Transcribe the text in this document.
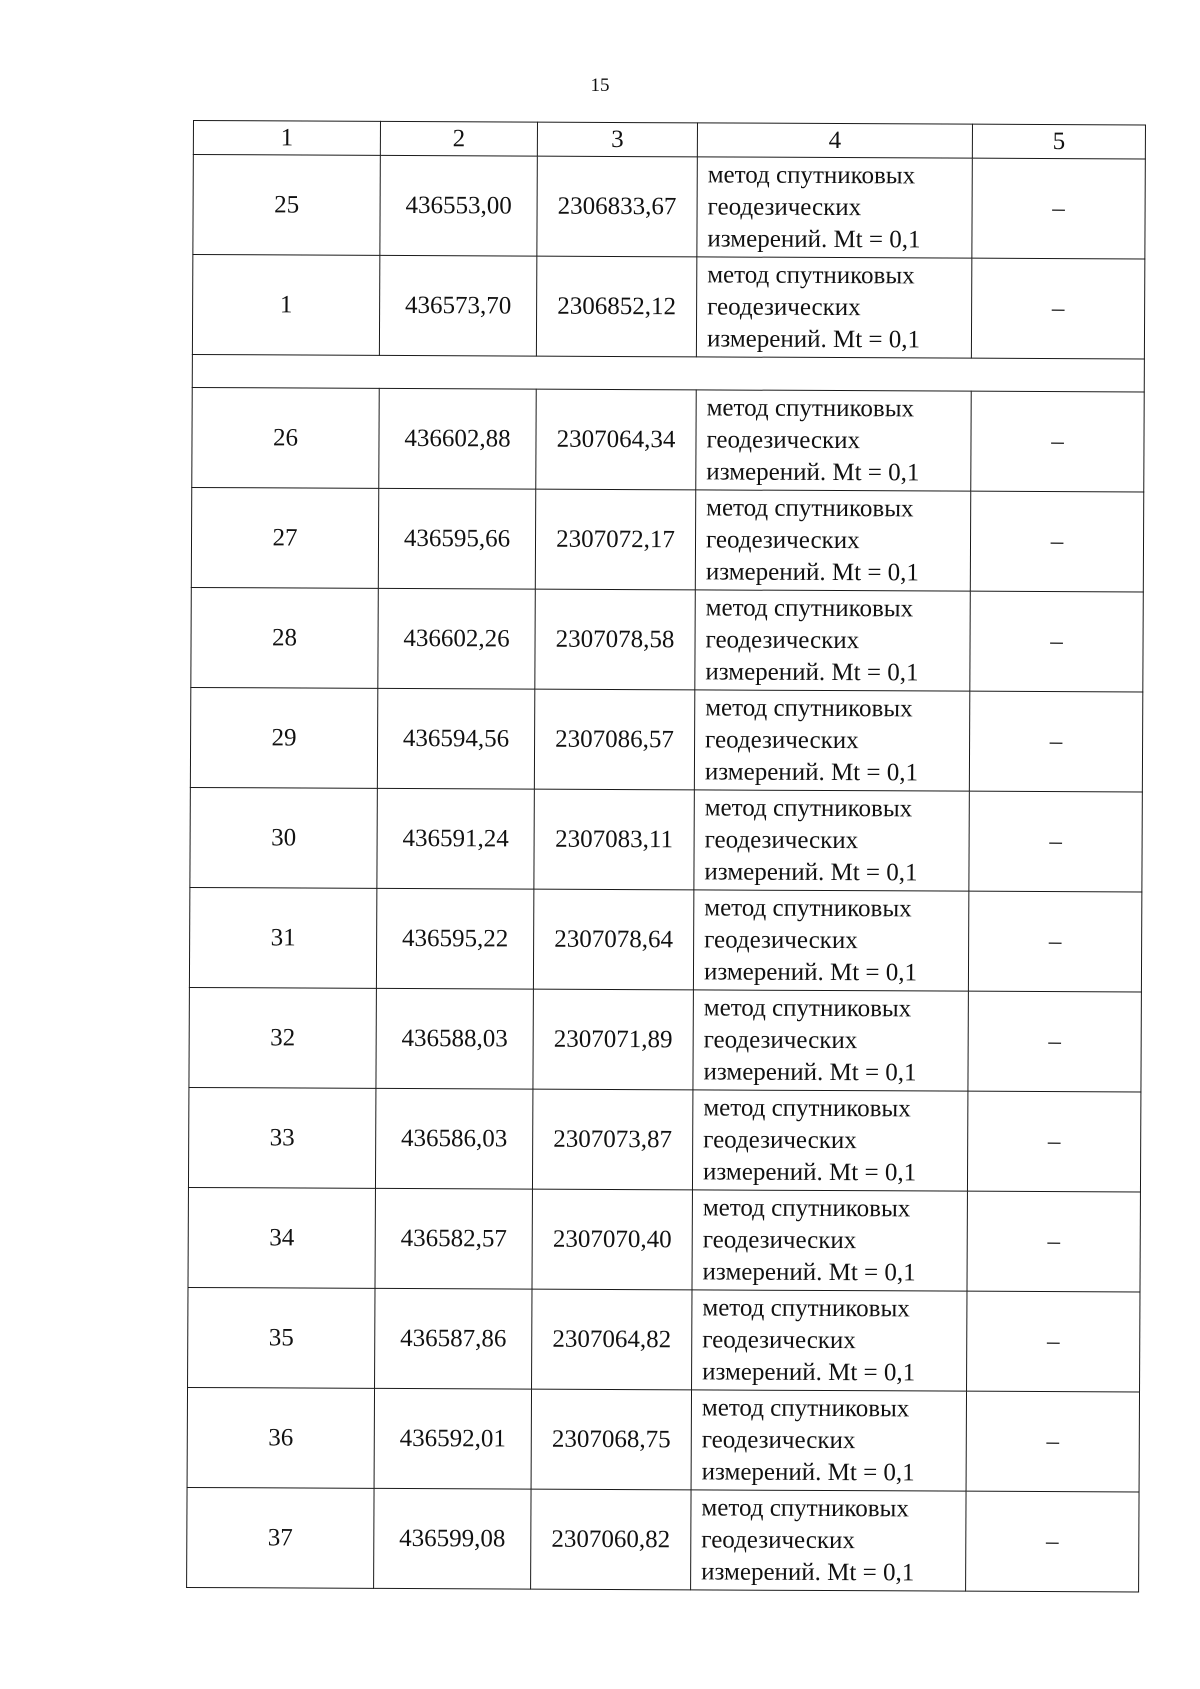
15
1	2	3	4	5
25	436553,00	2306833,67	метод спутниковых
геодезических
измерений. Mt = 0,1	–
1	436573,70	2306852,12	метод спутниковых
геодезических
измерений. Mt = 0,1	–

26	436602,88	2307064,34	метод спутниковых
геодезических
измерений. Mt = 0,1	–
27	436595,66	2307072,17	метод спутниковых
геодезических
измерений. Mt = 0,1	–
28	436602,26	2307078,58	метод спутниковых
геодезических
измерений. Mt = 0,1	–
29	436594,56	2307086,57	метод спутниковых
геодезических
измерений. Mt = 0,1	–
30	436591,24	2307083,11	метод спутниковых
геодезических
измерений. Mt = 0,1	–
31	436595,22	2307078,64	метод спутниковых
геодезических
измерений. Mt = 0,1	–
32	436588,03	2307071,89	метод спутниковых
геодезических
измерений. Mt = 0,1	–
33	436586,03	2307073,87	метод спутниковых
геодезических
измерений. Mt = 0,1	–
34	436582,57	2307070,40	метод спутниковых
геодезических
измерений. Mt = 0,1	–
35	436587,86	2307064,82	метод спутниковых
геодезических
измерений. Mt = 0,1	–
36	436592,01	2307068,75	метод спутниковых
геодезических
измерений. Mt = 0,1	–
37	436599,08	2307060,82	метод спутниковых
геодезических
измерений. Mt = 0,1	–
